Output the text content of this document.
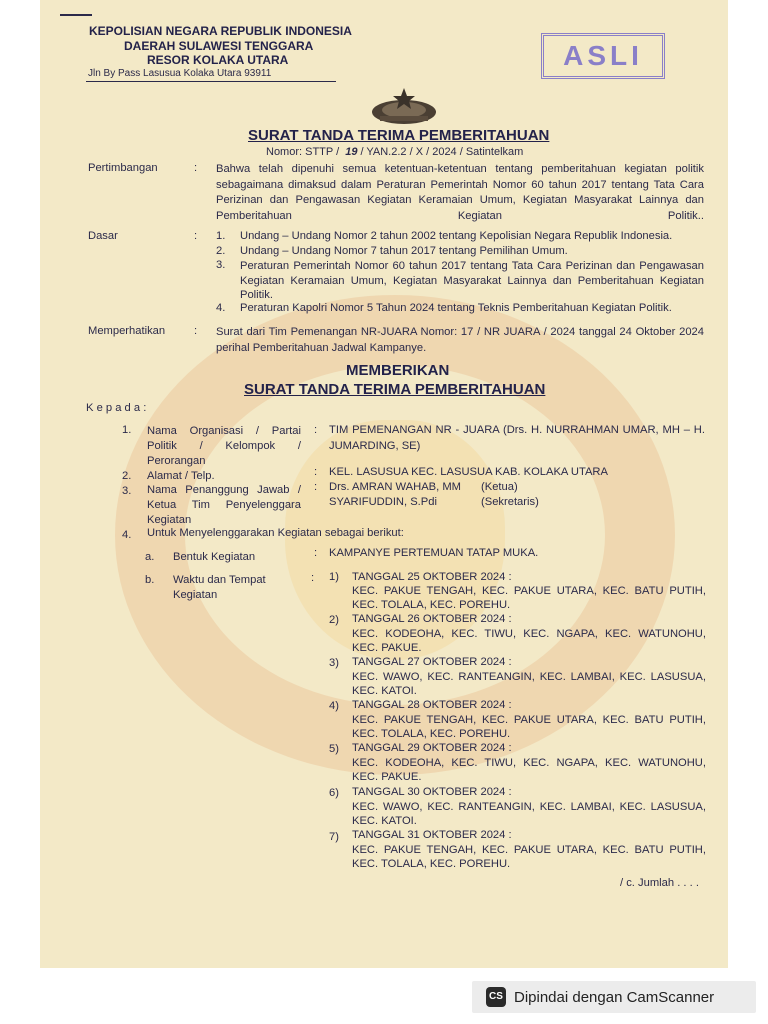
KEPOLISIAN NEGARA REPUBLIK INDONESIA
DAERAH SULAWESI TENGGARA
RESOR KOLAKA UTARA
Jln By Pass Lasusua Kolaka Utara 93911
ASLI
SURAT TANDA TERIMA PEMBERITAHUAN
Nomor: STTP / 19 / YAN.2.2 / X / 2024 / Satintelkam
Pertimbangan	: Bahwa telah dipenuhi semua ketentuan-ketentuan tentang pemberitahuan kegiatan politik sebagaimana dimaksud dalam Peraturan Pemerintah Nomor 60 tahun 2017 tentang Tata Cara Perizinan dan Pengawasan Kegiatan Keramaian Umum, Kegiatan Masyarakat Lainnya dan Pemberitahuan Kegiatan Politik..
Dasar	: 1. Undang – Undang Nomor 2 tahun 2002 tentang Kepolisian Negara Republik Indonesia.
2. Undang – Undang Nomor 7 tahun 2017 tentang Pemilihan Umum.
3. Peraturan Pemerintah Nomor 60 tahun 2017 tentang Tata Cara Perizinan dan Pengawasan Kegiatan Keramaian Umum, Kegiatan Masyarakat Lainnya dan Pemberitahuan Kegiatan Politik.
4. Peraturan Kapolri Nomor 5 Tahun 2024 tentang Teknis Pemberitahuan Kegiatan Politik.
Memperhatikan	: Surat dari Tim Pemenangan NR-JUARA Nomor: 17 / NR JUARA / 2024 tanggal 24 Oktober 2024 perihal Pemberitahuan Jadwal Kampanye.
MEMBERIKAN
SURAT TANDA TERIMA PEMBERITAHUAN
K e p a d a :
1. Nama Organisasi / Partai Politik / Kelompok / Perorangan
: TIM PEMENANGAN NR - JUARA (Drs. H. NURRAHMAN UMAR, MH – H. JUMARDING, SE)
2. Alamat / Telp.	: KEL. LASUSUA KEC. LASUSUA KAB. KOLAKA UTARA
3. Nama Penanggung Jawab / Ketua Tim Penyelenggara Kegiatan
: Drs. AMRAN WAHAB, MM (Ketua)
SYARIFUDDIN, S.Pdi	(Sekretaris)
4. Untuk Menyelenggarakan Kegiatan sebagai berikut:
a. Bentuk Kegiatan	: KAMPANYE PERTEMUAN TATAP MUKA.
b. Waktu dan Tempat Kegiatan
: 1) TANGGAL 25 OKTOBER 2024 :
KEC. PAKUE TENGAH, KEC. PAKUE UTARA, KEC. BATU PUTIH, KEC. TOLALA, KEC. POREHU.
2) TANGGAL 26 OKTOBER 2024 :
KEC. KODEOHA, KEC. TIWU, KEC. NGAPA, KEC. WATUNOHU, KEC. PAKUE.
3) TANGGAL 27 OKTOBER 2024 :
KEC. WAWO, KEC. RANTEANGIN, KEC. LAMBAI, KEC. LASUSUA, KEC. KATOI.
4) TANGGAL 28 OKTOBER 2024 :
KEC. PAKUE TENGAH, KEC. PAKUE UTARA, KEC. BATU PUTIH, KEC. TOLALA, KEC. POREHU.
5) TANGGAL 29 OKTOBER 2024 :
KEC. KODEOHA, KEC. TIWU, KEC. NGAPA, KEC. WATUNOHU, KEC. PAKUE.
6) TANGGAL 30 OKTOBER 2024 :
KEC. WAWO, KEC. RANTEANGIN, KEC. LAMBAI, KEC. LASUSUA, KEC. KATOI.
7) TANGGAL 31 OKTOBER 2024 :
KEC. PAKUE TENGAH, KEC. PAKUE UTARA, KEC. BATU PUTIH, KEC. TOLALA, KEC. POREHU.
/ c. Jumlah . . . .
CS Dipindai dengan CamScanner
